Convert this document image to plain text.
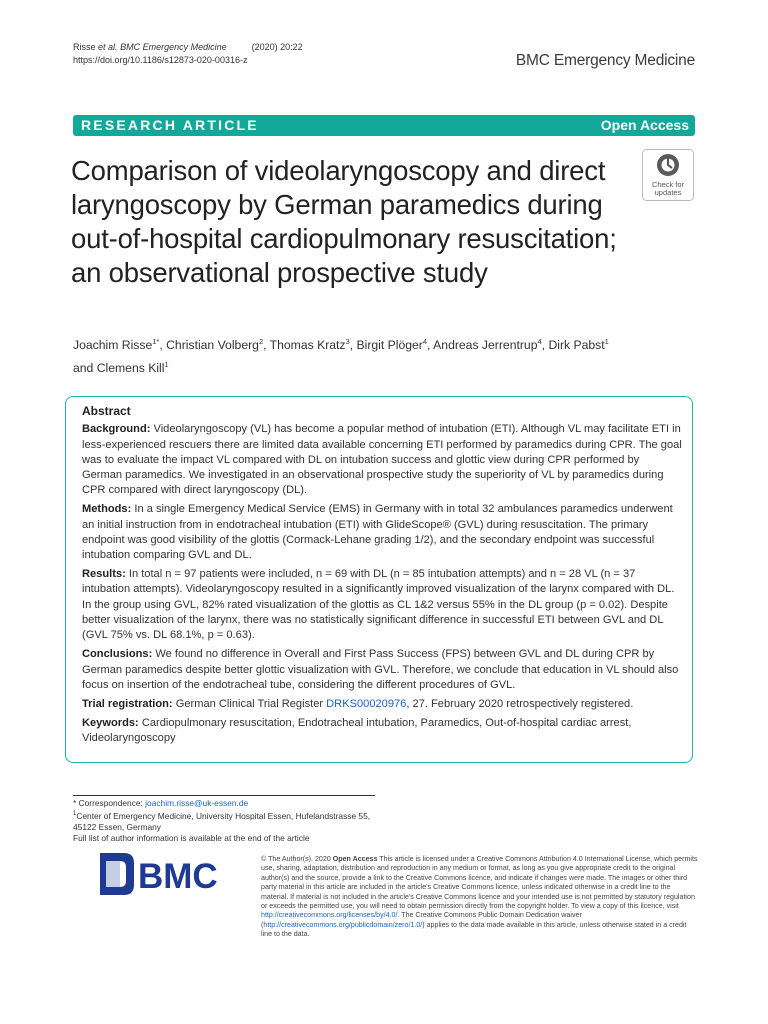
Risse et al. BMC Emergency Medicine	(2020) 20:22
https://doi.org/10.1186/s12873-020-00316-z	BMC Emergency Medicine
RESEARCH ARTICLE	Open Access
Comparison of videolaryngoscopy and direct laryngoscopy by German paramedics during out-of-hospital cardiopulmonary resuscitation; an observational prospective study
Check for
updates
Joachim Risse$^{1*}$, Christian Volberg$^2$, Thomas Kratz$^3$, Birgit Plöger$^4$, Andreas Jerrentrup$^4$, Dirk Pabst$^1$
and Clemens Kill$^1$
Abstract

Background: Videolaryngoscopy (VL) has become a popular method of intubation (ETI). Although VL may facilitate ETI in less-experienced rescuers there are limited data available concerning ETI performed by paramedics during CPR. The goal was to evaluate the impact VL compared with DL on intubation success and glottic view during CPR performed by German paramedics. We investigated in an observational prospective study the superiority of VL by paramedics during CPR compared with direct laryngoscopy (DL).

Methods: In a single Emergency Medical Service (EMS) in Germany with in total 32 ambulances paramedics underwent an initial instruction from in endotracheal intubation (ETI) with GlideScope® (GVL) during resuscitation. The primary endpoint was good visibility of the glottis (Cormack-Lehane grading 1/2), and the secondary endpoint was successful intubation comparing GVL and DL.

Results: In total n = 97 patients were included, n = 69 with DL (n = 85 intubation attempts) and n = 28 VL (n = 37 intubation attempts). Videolaryngoscopy resulted in a significantly improved visualization of the larynx compared with DL. In the group using GVL, 82% rated visualization of the glottis as CL 1&2 versus 55% in the DL group (p = 0.02). Despite better visualization of the larynx, there was no statistically significant difference in successful ETI between GVL and DL (GVL 75% vs. DL 68.1%, p = 0.63).

Conclusions: We found no difference in Overall and First Pass Success (FPS) between GVL and DL during CPR by German paramedics despite better glottic visualization with GVL. Therefore, we conclude that education in VL should also focus on insertion of the endotracheal tube, considering the different procedures of GVL.

Trial registration: German Clinical Trial Register DRKS00020976, 27. February 2020 retrospectively registered.

Keywords: Cardiopulmonary resuscitation, Endotracheal intubation, Paramedics, Out-of-hospital cardiac arrest, Videolaryngoscopy

* Correspondence: joachim.risse@uk-essen.de
$^1$Center of Emergency Medicine, University Hospital Essen, Hufelandstrasse 55, 45122 Essen, Germany
Full list of author information is available at the end of the article
BMC	© The Author(s). 2020 Open Access This article is licensed under a Creative Commons Attribution 4.0 International License, which permits use, sharing, adaptation, distribution and reproduction in any medium or format, as long as you give appropriate credit to the original author(s) and the source, provide a link to the Creative Commons licence, and indicate if changes were made. The images or other third party material in this article are included in the article's Creative Commons licence, unless indicated otherwise in a credit line to the material. If material is not included in the article's Creative Commons licence and your intended use is not permitted by statutory regulation or exceeds the permitted use, you will need to obtain permission directly from the copyright holder. To view a copy of this licence, visit http://creativecommons.org/licenses/by/4.0/. The Creative Commons Public Domain Dedication waiver (http://creativecommons.org/publicdomain/zero/1.0/) applies to the data made available in this article, unless otherwise stated in a credit line to the data.
